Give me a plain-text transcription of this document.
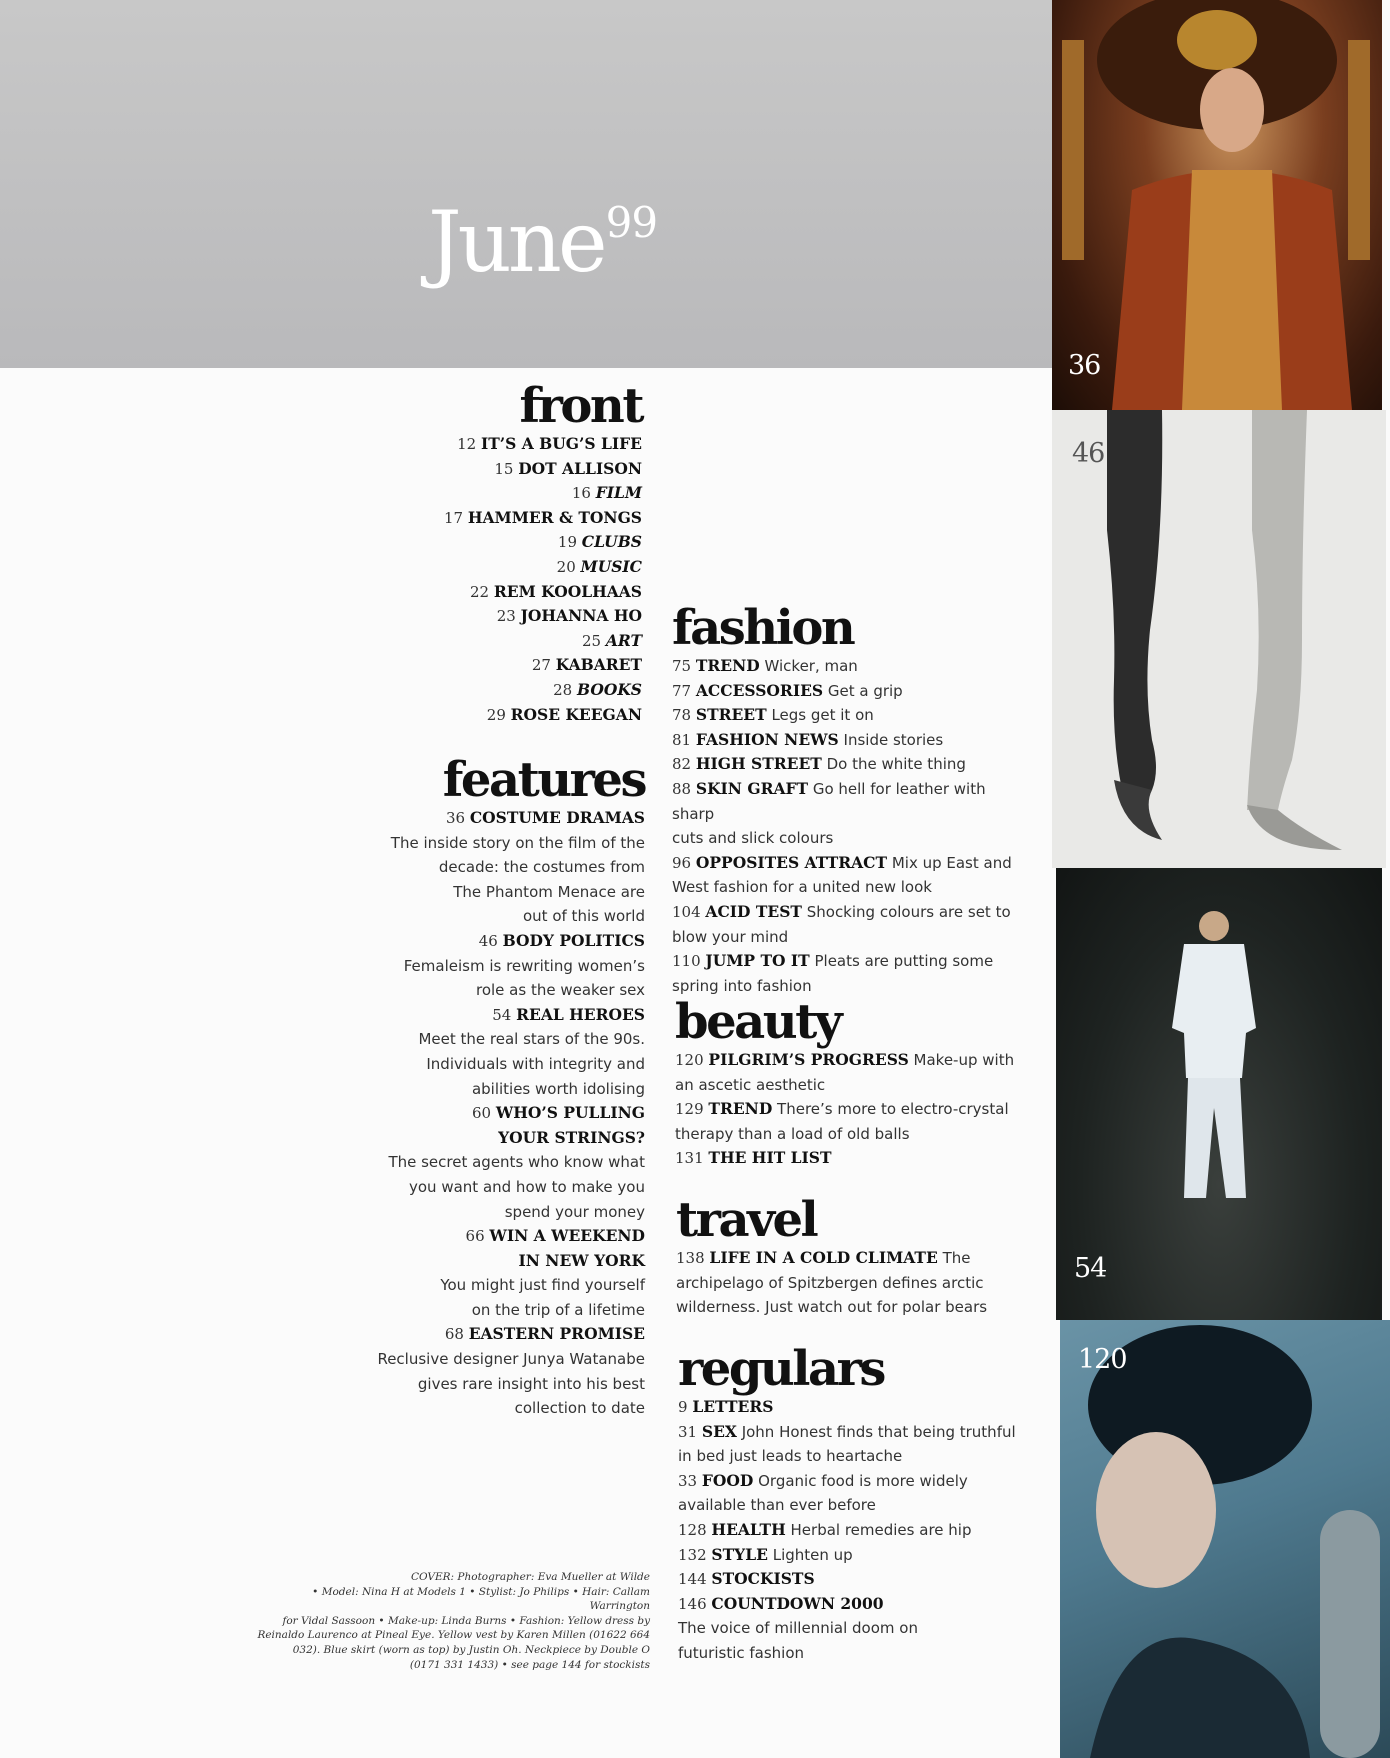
June$^{99}$
front
12 IT’S A BUG’S LIFE
15 DOT ALLISON
16 FILM
17 HAMMER & TONGS
19 CLUBS
20 MUSIC
22 REM KOOLHAAS
23 JOHANNA HO
25 ART
27 KABARET
28 BOOKS
29 ROSE KEEGAN
features
36 COSTUME DRAMAS
The inside story on the film of the
decade: the costumes from
The Phantom Menace are
out of this world
46 BODY POLITICS
Femaleism is rewriting women’s
role as the weaker sex
54 REAL HEROES
Meet the real stars of the 90s.
Individuals with integrity and
abilities worth idolising
60 WHO’S PULLING
YOUR STRINGS?
The secret agents who know what
you want and how to make you
spend your money
66 WIN A WEEKEND
IN NEW YORK
You might just find yourself
on the trip of a lifetime
68 EASTERN PROMISE
Reclusive designer Junya Watanabe
gives rare insight into his best
collection to date
fashion
75 TREND Wicker, man
77 ACCESSORIES Get a grip
78 STREET Legs get it on
81 FASHION NEWS Inside stories
82 HIGH STREET Do the white thing
88 SKIN GRAFT Go hell for leather with sharp
cuts and slick colours
96 OPPOSITES ATTRACT Mix up East and
West fashion for a united new look
104 ACID TEST Shocking colours are set to
blow your mind
110 JUMP TO IT Pleats are putting some
spring into fashion
beauty
120 PILGRIM’S PROGRESS Make-up with
an ascetic aesthetic
129 TREND There’s more to electro-crystal
therapy than a load of old balls
131 THE HIT LIST
travel
138 LIFE IN A COLD CLIMATE The
archipelago of Spitzbergen defines arctic
wilderness. Just watch out for polar bears
regulars
9 LETTERS
31 SEX John Honest finds that being truthful
in bed just leads to heartache
33 FOOD Organic food is more widely
available than ever before
128 HEALTH Herbal remedies are hip
132 STYLE Lighten up
144 STOCKISTS
146 COUNTDOWN 2000
The voice of millennial doom on
futuristic fashion
COVER: Photographer: Eva Mueller at Wilde
• Model: Nina H at Models 1 • Stylist: Jo Philips • Hair: Callam Warrington
for Vidal Sassoon • Make-up: Linda Burns • Fashion: Yellow dress by
Reinaldo Laurenco at Pineal Eye. Yellow vest by Karen Millen (01622 664
032). Blue skirt (worn as top) by Justin Oh. Neckpiece by Double O
(0171 331 1433) • see page 144 for stockists
36
46
54
120
